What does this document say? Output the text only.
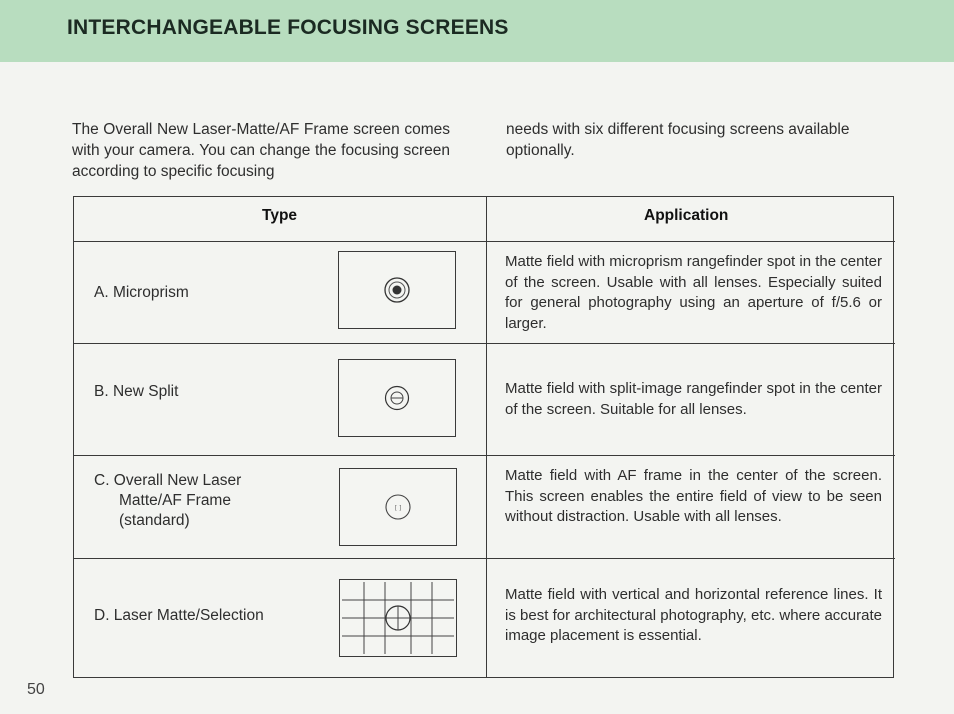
INTERCHANGEABLE FOCUSING SCREENS

The Overall New Laser-Matte/AF Frame screen comes with your camera. You can change the focusing screen according to specific focusing

needs with six different focusing screens available optionally.

Type	Application
A. Microprism
Matte field with microprism rangefinder spot in the center of the screen. Usable with all lenses. Especially suited for general photography using an aperture of f/5.6 or larger.
B. New Split	Matte field with split-image rangefinder spot in the center of the screen. Suitable for all lenses.
C. Overall New Laser
Matte/AF Frame
(standard)
[ ]
Matte field with AF frame in the center of the screen. This screen enables the entire field of view to be seen without distraction. Usable with all lenses.
D. Laser Matte/Selection
Matte field with vertical and horizontal reference lines. It is best for architectural photography, etc. where accurate image placement is essential.
50
